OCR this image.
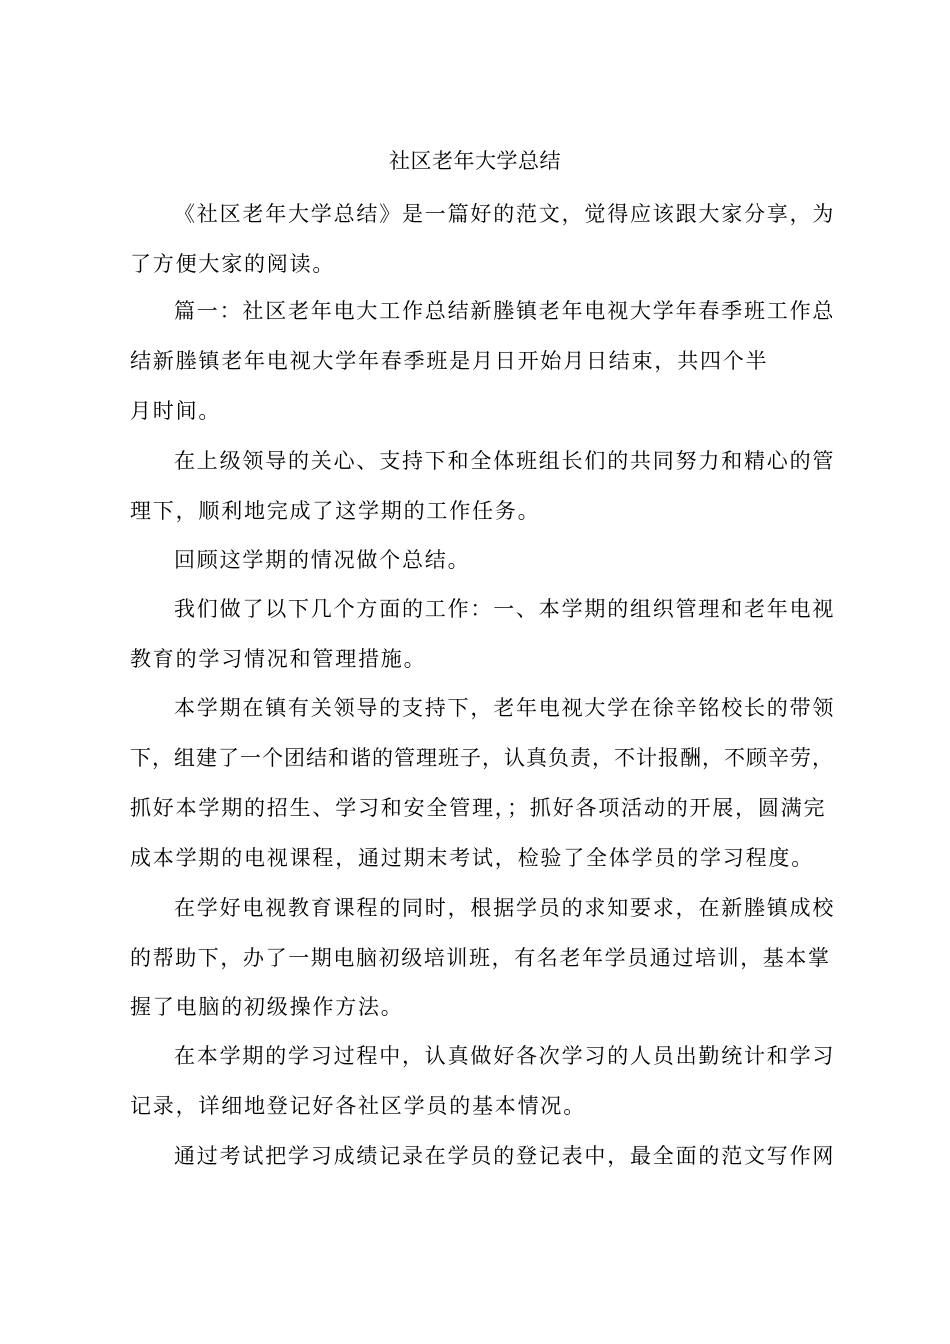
社区老年大学总结
《社区老年大学总结》是一篇好的范文，觉得应该跟大家分享，为
了方便大家的阅读。
篇一：社区老年电大工作总结新塍镇老年电视大学年春季班工作总
结新塍镇老年电视大学年春季班是月日开始月日结束，共四个半
月时间。
在上级领导的关心、支持下和全体班组长们的共同努力和精心的管
理下，顺利地完成了这学期的工作任务。
回顾这学期的情况做个总结。
我们做了以下几个方面的工作：一、本学期的组织管理和老年电视
教育的学习情况和管理措施。
本学期在镇有关领导的支持下，老年电视大学在徐辛铭校长的带领
下，组建了一个团结和谐的管理班子，认真负责，不计报酬，不顾辛劳，
抓好本学期的招生、学习和安全管理，；抓好各项活动的开展，圆满完
成本学期的电视课程，通过期末考试，检验了全体学员的学习程度。
在学好电视教育课程的同时，根据学员的求知要求，在新塍镇成校
的帮助下，办了一期电脑初级培训班，有名老年学员通过培训，基本掌
握了电脑的初级操作方法。
在本学期的学习过程中，认真做好各次学习的人员出勤统计和学习
记录，详细地登记好各社区学员的基本情况。
通过考试把学习成绩记录在学员的登记表中，最全面的范文写作网
